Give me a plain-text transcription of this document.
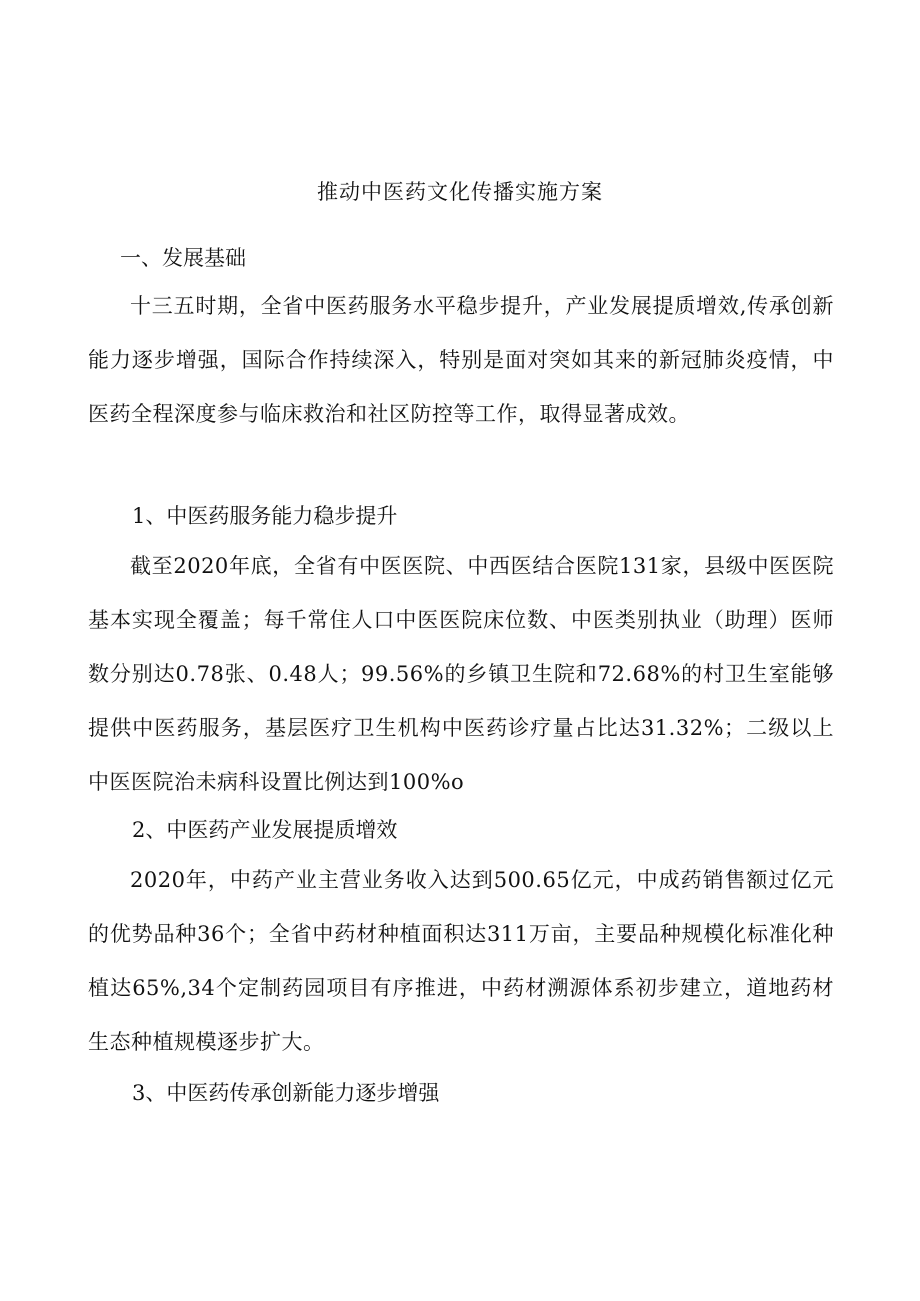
推动中医药文化传播实施方案
一、发展基础

十三五时期，全省中医药服务水平稳步提升，产业发展提质增效,传承创新能力逐步增强，国际合作持续深入，特别是面对突如其来的新冠肺炎疫情，中医药全程深度参与临床救治和社区防控等工作，取得显著成效。

1、中医药服务能力稳步提升

截至2020年底，全省有中医医院、中西医结合医院131家，县级中医医院基本实现全覆盖；每千常住人口中医医院床位数、中医类别执业（助理）医师数分别达0.78张、0.48人；99.56%的乡镇卫生院和72.68%的村卫生室能够提供中医药服务，基层医疗卫生机构中医药诊疗量占比达31.32%；二级以上中医医院治未病科设置比例达到100%o

2、中医药产业发展提质增效

2020年，中药产业主营业务收入达到500.65亿元，中成药销售额过亿元的优势品种36个；全省中药材种植面积达311万亩，主要品种规模化标准化种植达65%,34个定制药园项目有序推进，中药材溯源体系初步建立，道地药材生态种植规模逐步扩大。

3、中医药传承创新能力逐步增强
